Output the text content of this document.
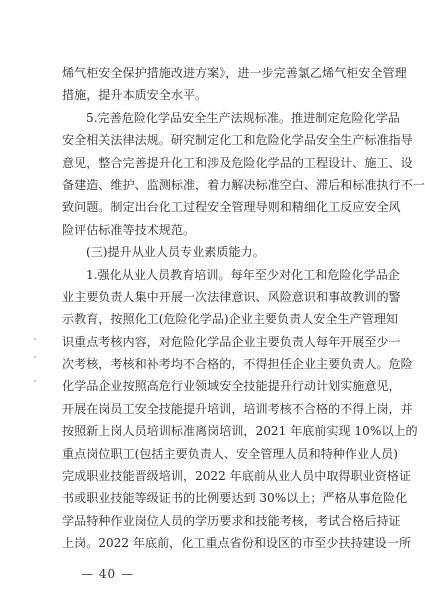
烯气柜安全保护措施改进方案》，进一步完善氯乙烯气柜安全管理
措施，提升本质安全水平。
5.完善危险化学品安全生产法规标准。推进制定危险化学品
安全相关法律法规。研究制定化工和危险化学品安全生产标准指导
意见，整合完善提升化工和涉及危险化学品的工程设计、施工、设
备建造、维护、监测标准，着力解决标准空白、滞后和标准执行不一
致问题。制定出台化工过程安全管理导则和精细化工反应安全风
险评估标准等技术规范。
(三)提升从业人员专业素质能力。
1.强化从业人员教育培训。每年至少对化工和危险化学品企
业主要负责人集中开展一次法律意识、风险意识和事故教训的警
示教育，按照化工(危险化学品)企业主要负责人安全生产管理知
识重点考核内容，对危险化学品企业主要负责人每年开展至少一
次考核，考核和补考均不合格的，不得担任企业主要负责人。危险
化学品企业按照高危行业领域安全技能提升行动计划实施意见，
开展在岗员工安全技能提升培训，培训考核不合格的不得上岗，并
按照新上岗人员培训标准离岗培训，2021 年底前实现 10%以上的
重点岗位职工(包括主要负责人、安全管理人员和特种作业人员)
完成职业技能晋级培训，2022 年底前从业人员中取得职业资格证
书或职业技能等级证书的比例要达到 30%以上；严格从事危险化
学品特种作业岗位人员的学历要求和技能考核，考试合格后持证
上岗。2022 年底前，化工重点省份和设区的市至少扶持建设一所
— 40 —
